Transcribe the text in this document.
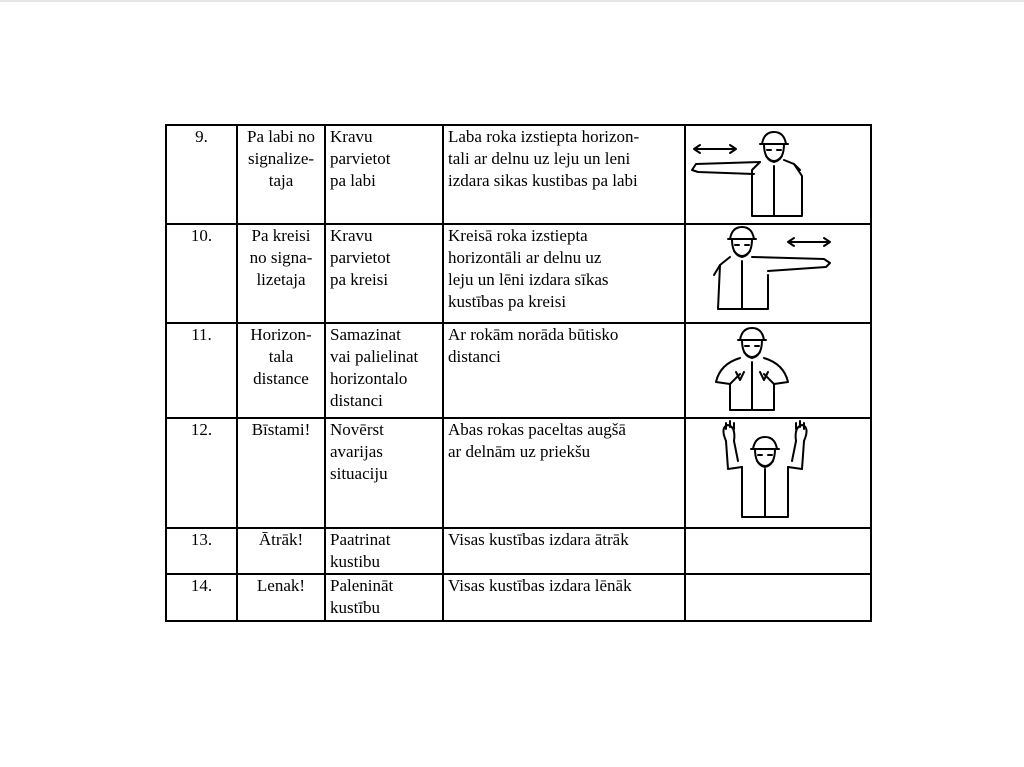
9.	Pa labi no
signalize-
taja	Kravu
parvietot
pa labi	Laba roka izstiepta horizon-
tali ar delnu uz leju un leni
izdara sikas kustibas pa labi	

10.	Pa kreisi
no signa-
lizetaja	Kravu
parvietot
pa kreisi	Kreisā roka izstiepta
horizontāli ar delnu uz
leju un lēni izdara sīkas
kustības pa kreisi	

11.	Horizon-
tala
distance	Samazinat
vai palielinat
horizontalo
distanci	Ar rokām norāda būtisko
distanci	

12.	Bīstami!	Novērst
avarijas
situaciju	Abas rokas paceltas augšā
ar delnām uz priekšu	

13.	Ātrāk!	Paatrinat
kustibu	Visas kustības izdara ātrāk	
14.	Lenak!	Palenināt
kustību	Visas kustības izdara lēnāk	
